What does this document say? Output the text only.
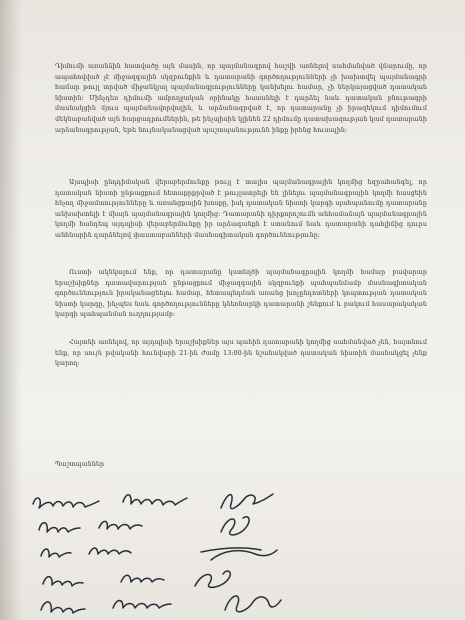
Դիմումի առանձին հատվածը այն մասին, որ պայմանագրով հաշվի առնելով սահմանված վճարումը, որ ապահովված չէ միջազգային սկզբունքին և դատարանի գործողությունների չի խախտվել պայմանագրի համար թույլ տրված միջանկյալ պայմանագրությունները կանխելու համար, չի ներկայացված դատական նիստին։ Մինչդեռ դիմումի ամբողջական օրինակը հասանելի է դարձել նաև դատական բնութագրի մասնակցին մյուս պայմանավորվողին, և արձանագրված է, որ դատարանը չի իրազեկում դիմումում մեկնաբանված այն հարցադրումներին, թե ինչպիսին կլինեն 22 դիմումը դատախազության կամ դատարանի արձանագրության, եթե նույնականացված պաշտպանությունն ինքը իրենց հուսալին։
Այսպիսի ընդդիմական վերաբերմունքը թույլ է տալիս պայմանագրային կողմից եզրահանգել, որ դատական նիստի ընթացքում հետաքրքրված է թույլատրելի են լինելու պայմանագրային կողմի հասցեին հնչող միջամտությունները և առանցքային խոսքը, իսկ դատական նիստի կարգի պահպանումը դատարանը անխախտելի է միայն պայմանագրային կողմից։ Դատարանի դիրքորոշումն անհամաձայն պայմանագրային կողմի հանդեպ այդպիսի վերաբերմունքը իր արձագանքն է ստանում նաև դատարանի դահլիճից դուրս անհնարին դարձնելով փաստաբանների մասնագիտական գործունեությունը։
Ուստի ակնկալում ենք, որ դատարանը կստեղծի պայմանագրային կողմի համար բավարար երաշխիքներ դատավարության ընթացքում միջազգային սկզբունքի պահպանմամբ մասնագիտական գործունեություն իրականացնելու համար, հետապնդման առանց խոչընդոտների կոպտության դատական նիստի կարգը, ինչպես նաև գործողությունները կձեռնարկի դատարանի շենքում և բակում հասարակական կարգի պահպանման ուղղությամբ։
Հայտնի առնելով, որ այդպիսի երաշխիքներ այս պահին դատարանի կողմից սահմանված չեն, հայտնում ենք, որ սույն թվականի հունվարի 21-ին ժամը 13:00-ին նշանակված դատական նիստին մասնակցել չենք կարող։
Պաշտպաններ
